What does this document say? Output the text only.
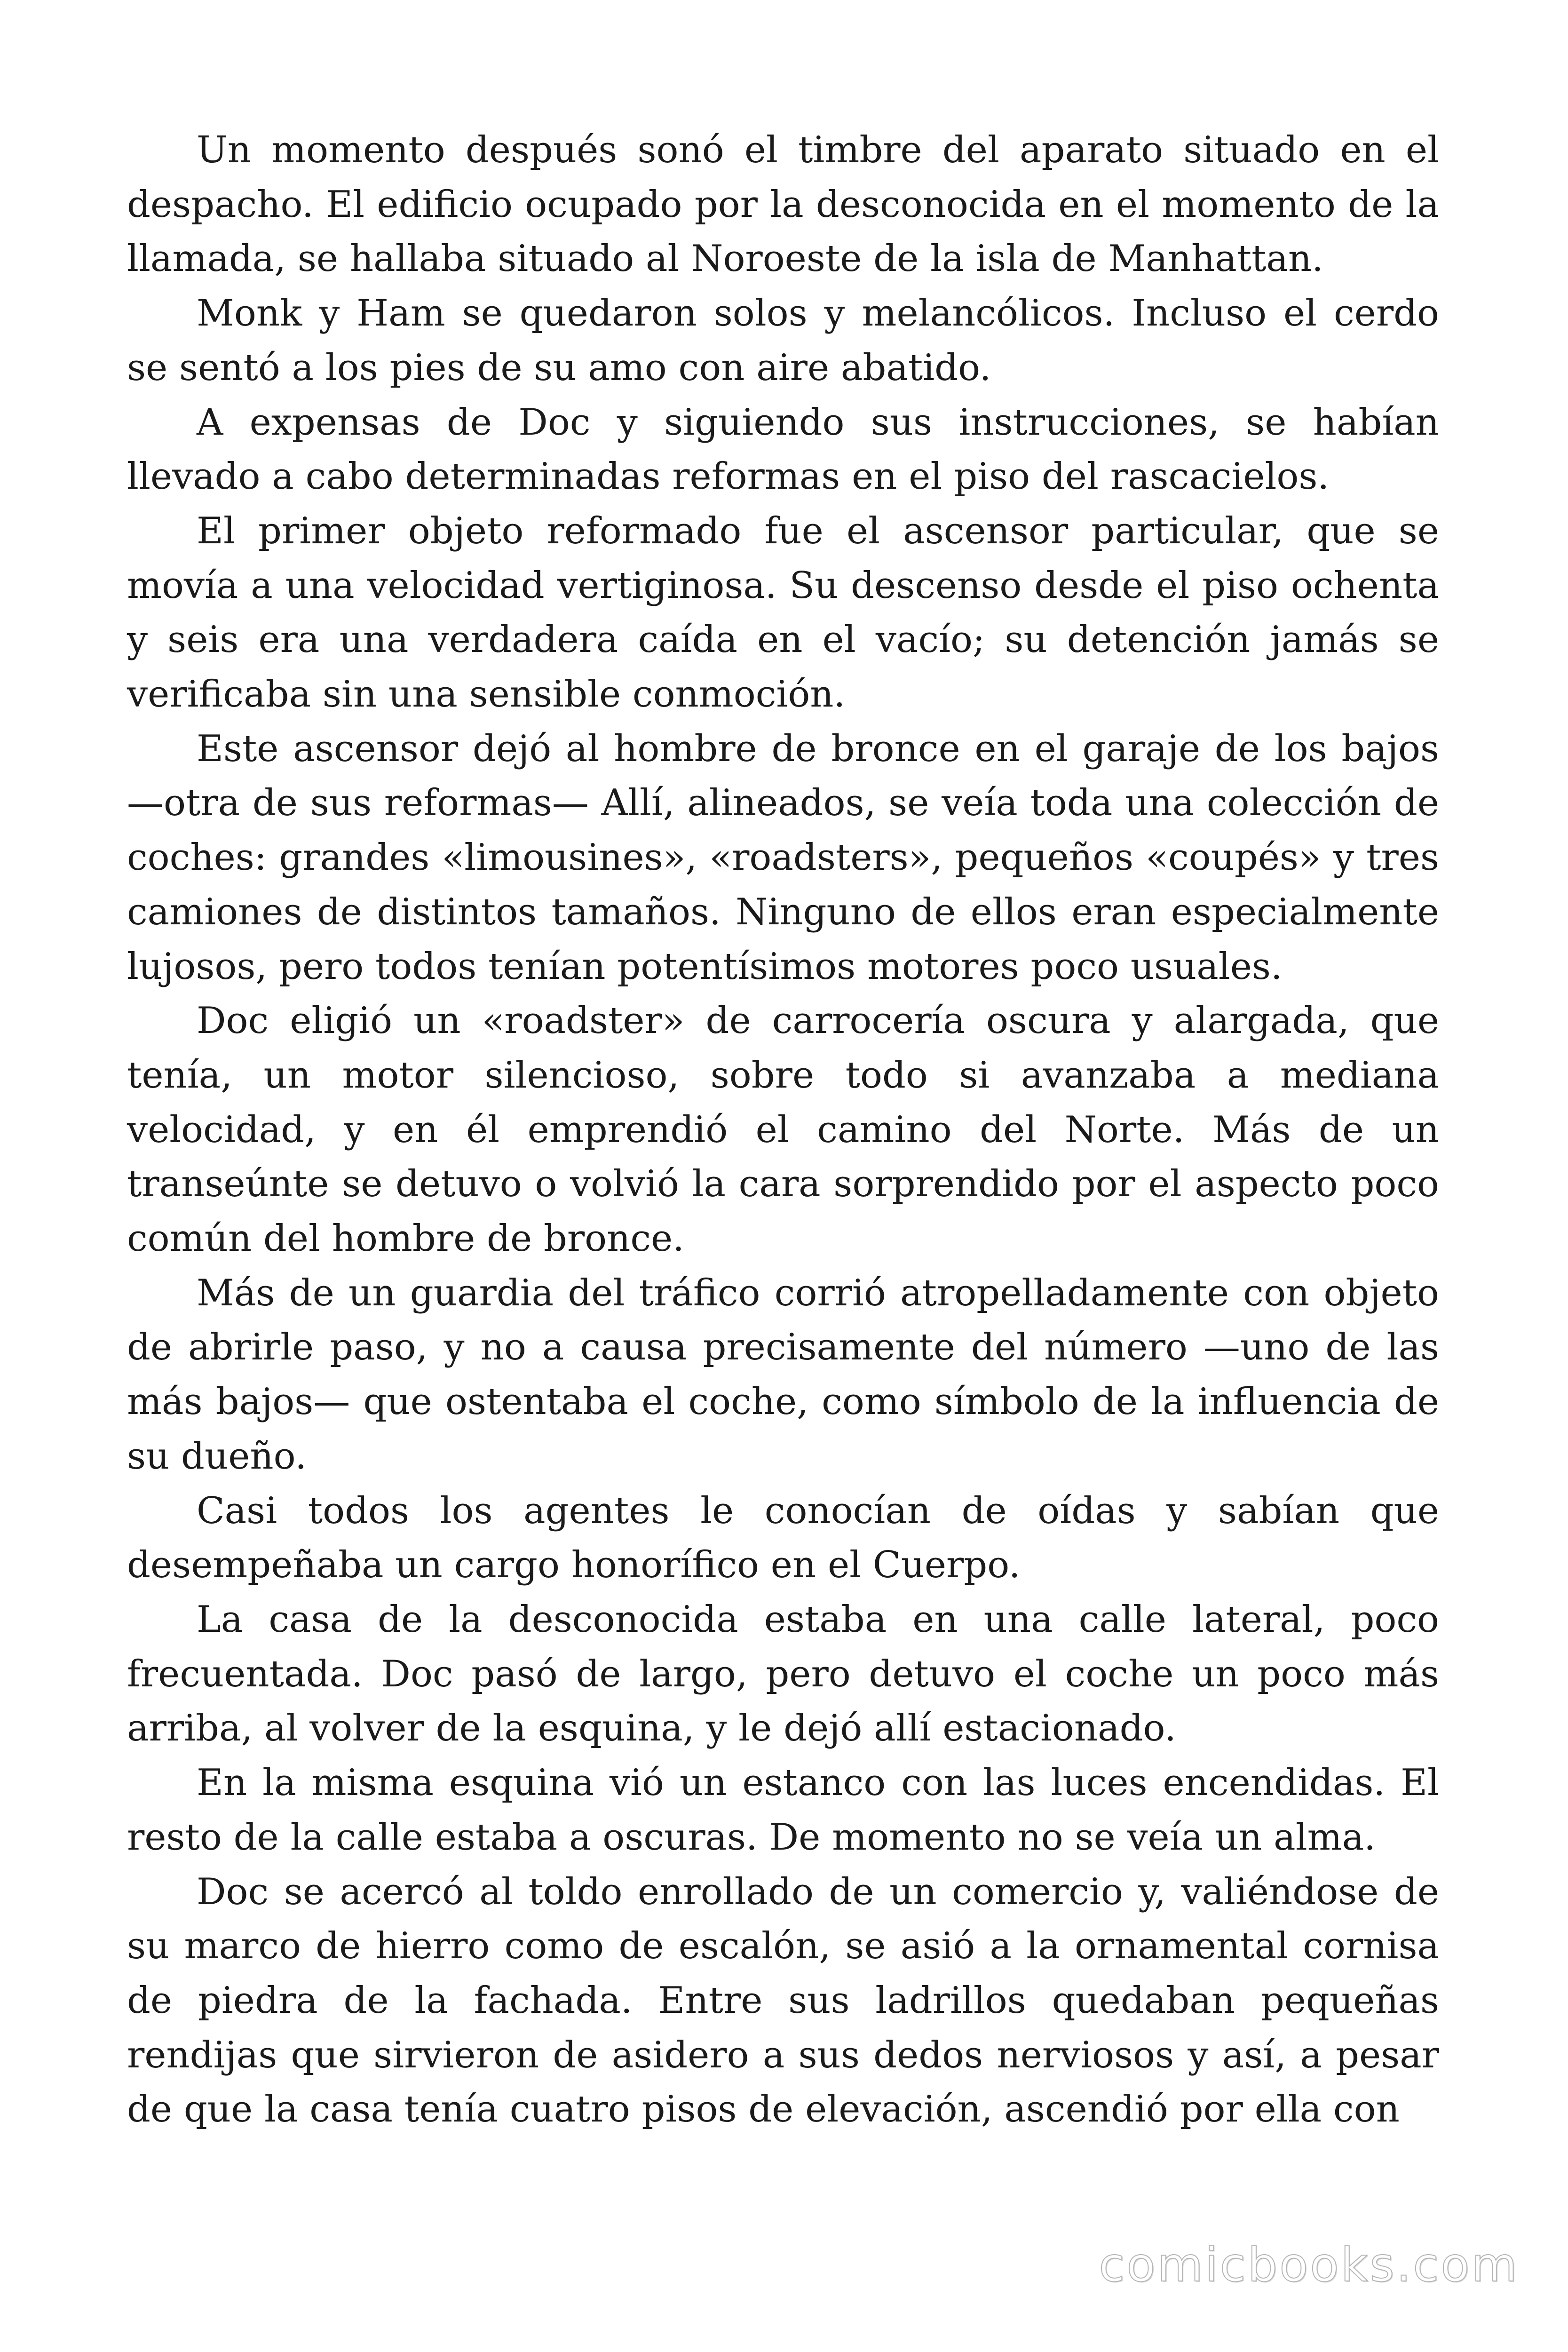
Un momento después sonó el timbre del aparato situado en el despacho. El edificio ocupado por la desconocida en el momento de la llamada, se hallaba situado al Noroeste de la isla de Manhattan.

Monk y Ham se quedaron solos y melancólicos. Incluso el cerdo se sentó a los pies de su amo con aire abatido.

A expensas de Doc y siguiendo sus instrucciones, se habían llevado a cabo determinadas reformas en el piso del rascacielos.

El primer objeto reformado fue el ascensor particular, que se movía a una velocidad vertiginosa. Su descenso desde el piso ochenta y seis era una verdadera caída en el vacío; su detención jamás se verificaba sin una sensible conmoción.

Este ascensor dejó al hombre de bronce en el garaje de los bajos —otra de sus reformas— Allí, alineados, se veía toda una colección de coches: grandes «limousines», «roadsters», pequeños «coupés» y tres camiones de distintos tamaños. Ninguno de ellos eran especialmente lujosos, pero todos tenían potentísimos motores poco usuales.

Doc eligió un «roadster» de carrocería oscura y alargada, que tenía, un motor silencioso, sobre todo si avanzaba a mediana velocidad, y en él emprendió el camino del Norte. Más de un transeúnte se detuvo o volvió la cara sorprendido por el aspecto poco común del hombre de bronce.

Más de un guardia del tráfico corrió atropelladamente con objeto de abrirle paso, y no a causa precisamente del número —uno de las más bajos— que ostentaba el coche, como símbolo de la influencia de su dueño.

Casi todos los agentes le conocían de oídas y sabían que desempeñaba un cargo honorífico en el Cuerpo.

La casa de la desconocida estaba en una calle lateral, poco frecuentada. Doc pasó de largo, pero detuvo el coche un poco más arriba, al volver de la esquina, y le dejó allí estacionado.

En la misma esquina vió un estanco con las luces encendidas. El resto de la calle estaba a oscuras. De momento no se veía un alma.

Doc se acercó al toldo enrollado de un comercio y, valiéndose de su marco de hierro como de escalón, se asió a la ornamental cornisa de piedra de la fachada. Entre sus ladrillos quedaban pequeñas rendijas que sirvieron de asidero a sus dedos nerviosos y así, a pesar de que la casa tenía cuatro pisos de elevación, ascendió por ella con

comicbooks.com
